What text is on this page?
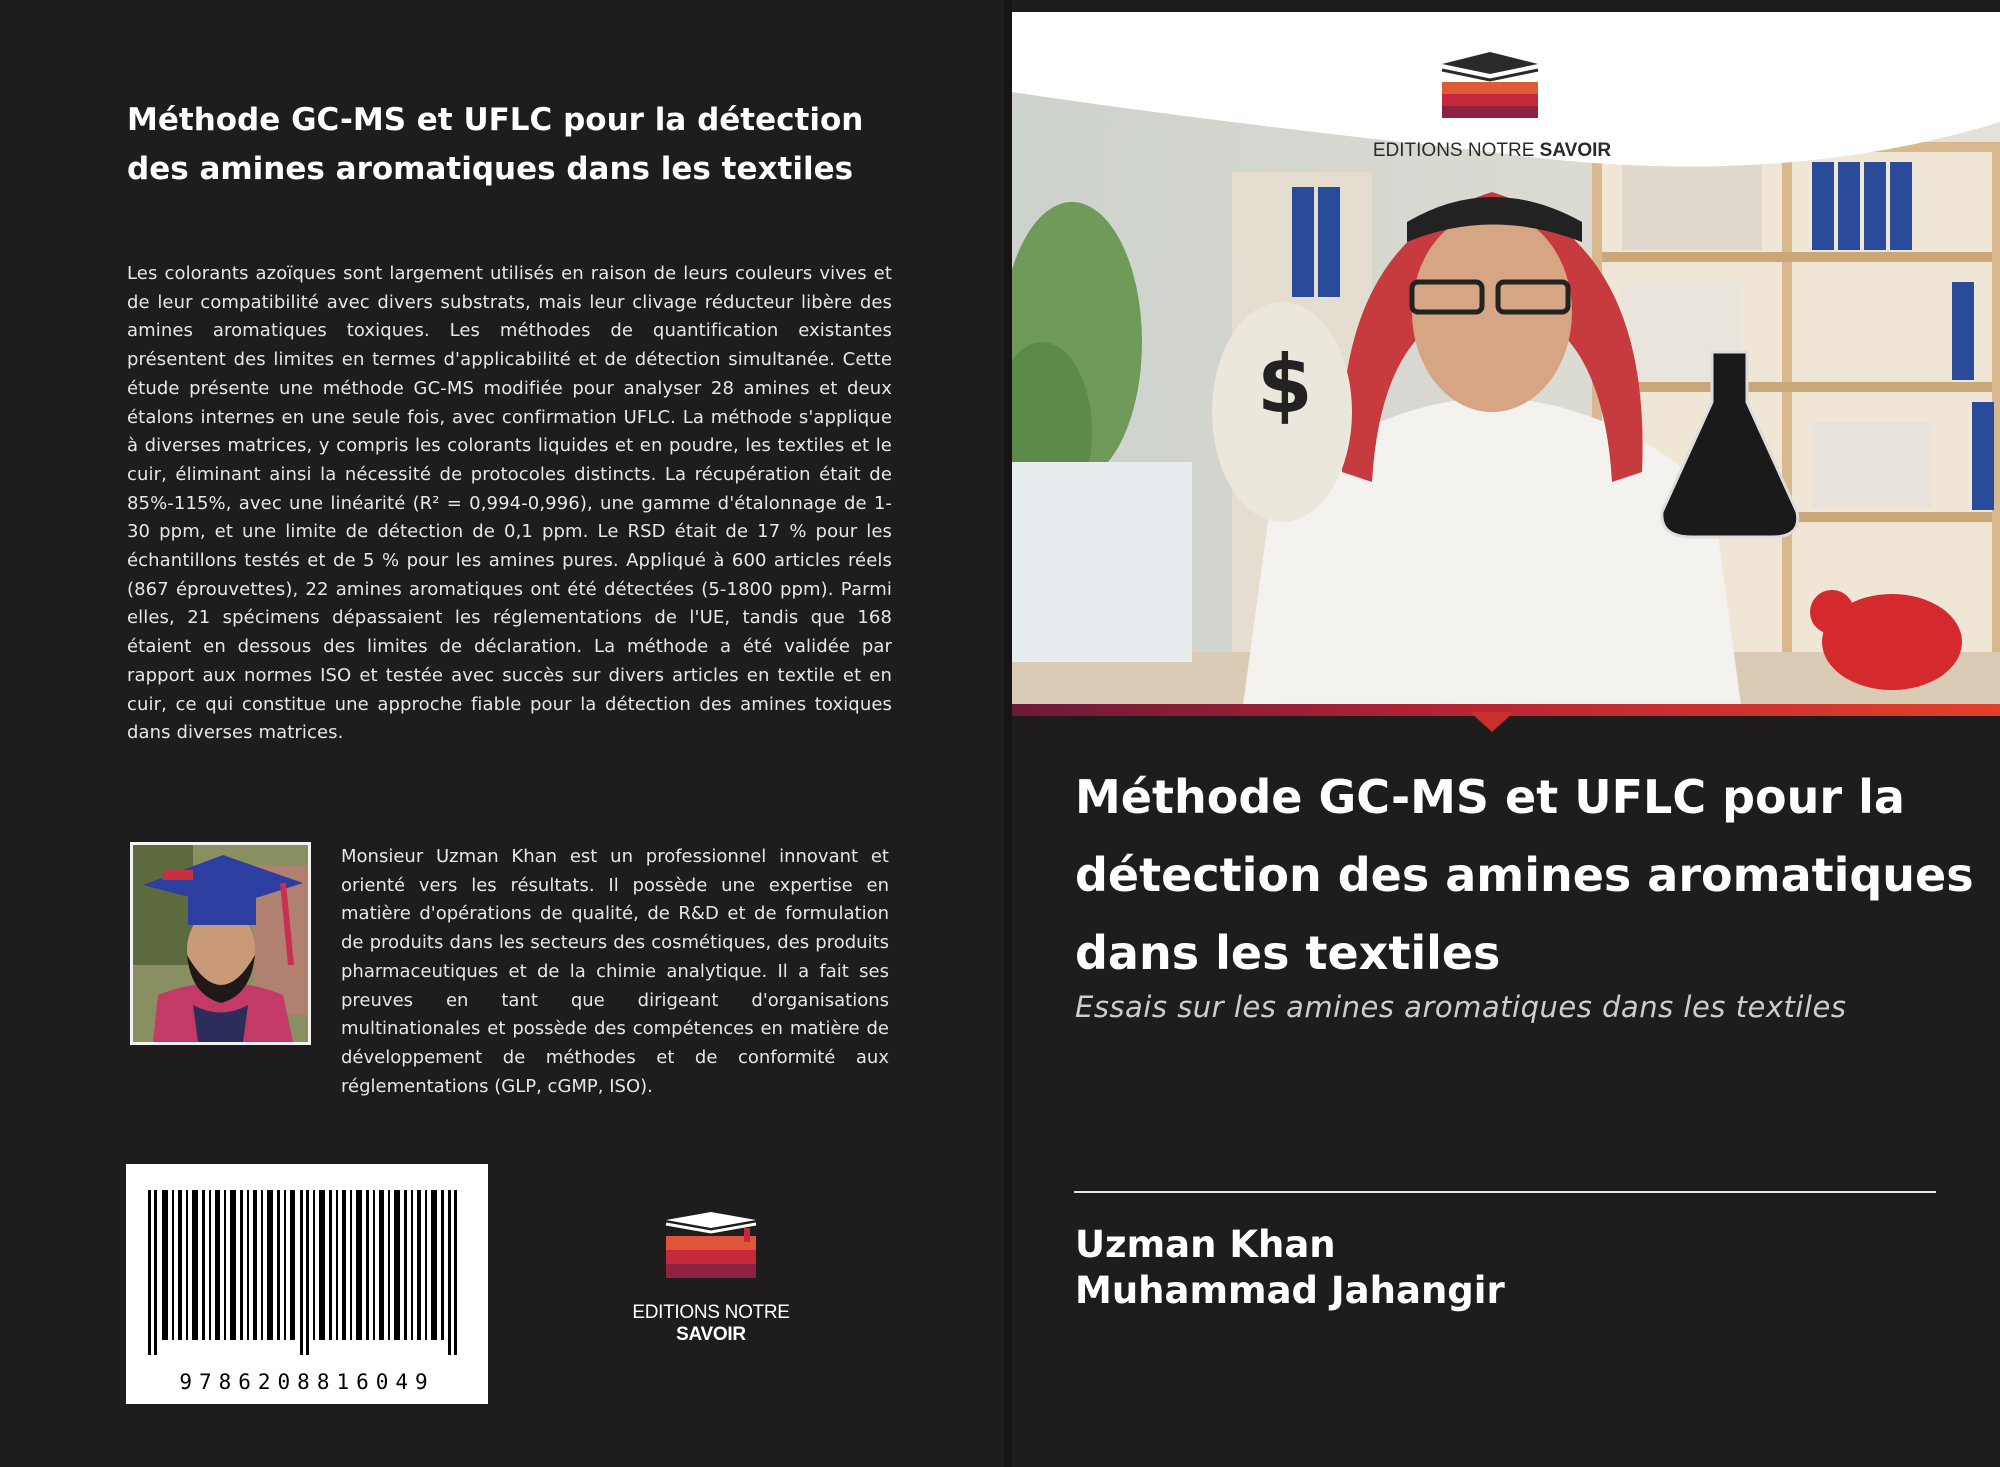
Méthode GC-MS et UFLC pour la détection des amines aromatiques dans les textiles

Les colorants azoïques sont largement utilisés en raison de leurs couleurs vives et de leur compatibilité avec divers substrats, mais leur clivage réducteur libère des amines aromatiques toxiques. Les méthodes de quantification existantes présentent des limites en termes d'applicabilité et de détection simultanée. Cette étude présente une méthode GC-MS modifiée pour analyser 28 amines et deux étalons internes en une seule fois, avec confirmation UFLC. La méthode s'applique à diverses matrices, y compris les colorants liquides et en poudre, les textiles et le cuir, éliminant ainsi la nécessité de protocoles distincts. La récupération était de 85%-115%, avec une linéarité (R² = 0,994-0,996), une gamme d'étalonnage de 1-30 ppm, et une limite de détection de 0,1 ppm. Le RSD était de 17 % pour les échantillons testés et de 5 % pour les amines pures. Appliqué à 600 articles réels (867 éprouvettes), 22 amines aromatiques ont été détectées (5-1800 ppm). Parmi elles, 21 spécimens dépassaient les réglementations de l'UE, tandis que 168 étaient en dessous des limites de déclaration. La méthode a été validée par rapport aux normes ISO et testée avec succès sur divers articles en textile et en cuir, ce qui constitue une approche fiable pour la détection des amines toxiques dans diverses matrices.

Monsieur Uzman Khan est un professionnel innovant et orienté vers les résultats. Il possède une expertise en matière d'opérations de qualité, de R&D et de formulation de produits dans les secteurs des cosmétiques, des produits pharmaceutiques et de la chimie analytique. Il a fait ses preuves en tant que dirigeant d'organisations multinationales et possède des compétences en matière de développement de méthodes et de conformité aux réglementations (GLP, cGMP, ISO).

9786208816049
EDITIONS NOTRE SAVOIR
$
EDITIONS NOTRE SAVOIR
Méthode GC-MS et UFLC pour la détection des amines aromatiques dans les textiles

Essais sur les amines aromatiques dans les textiles

Uzman Khan
Muhammad Jahangir
